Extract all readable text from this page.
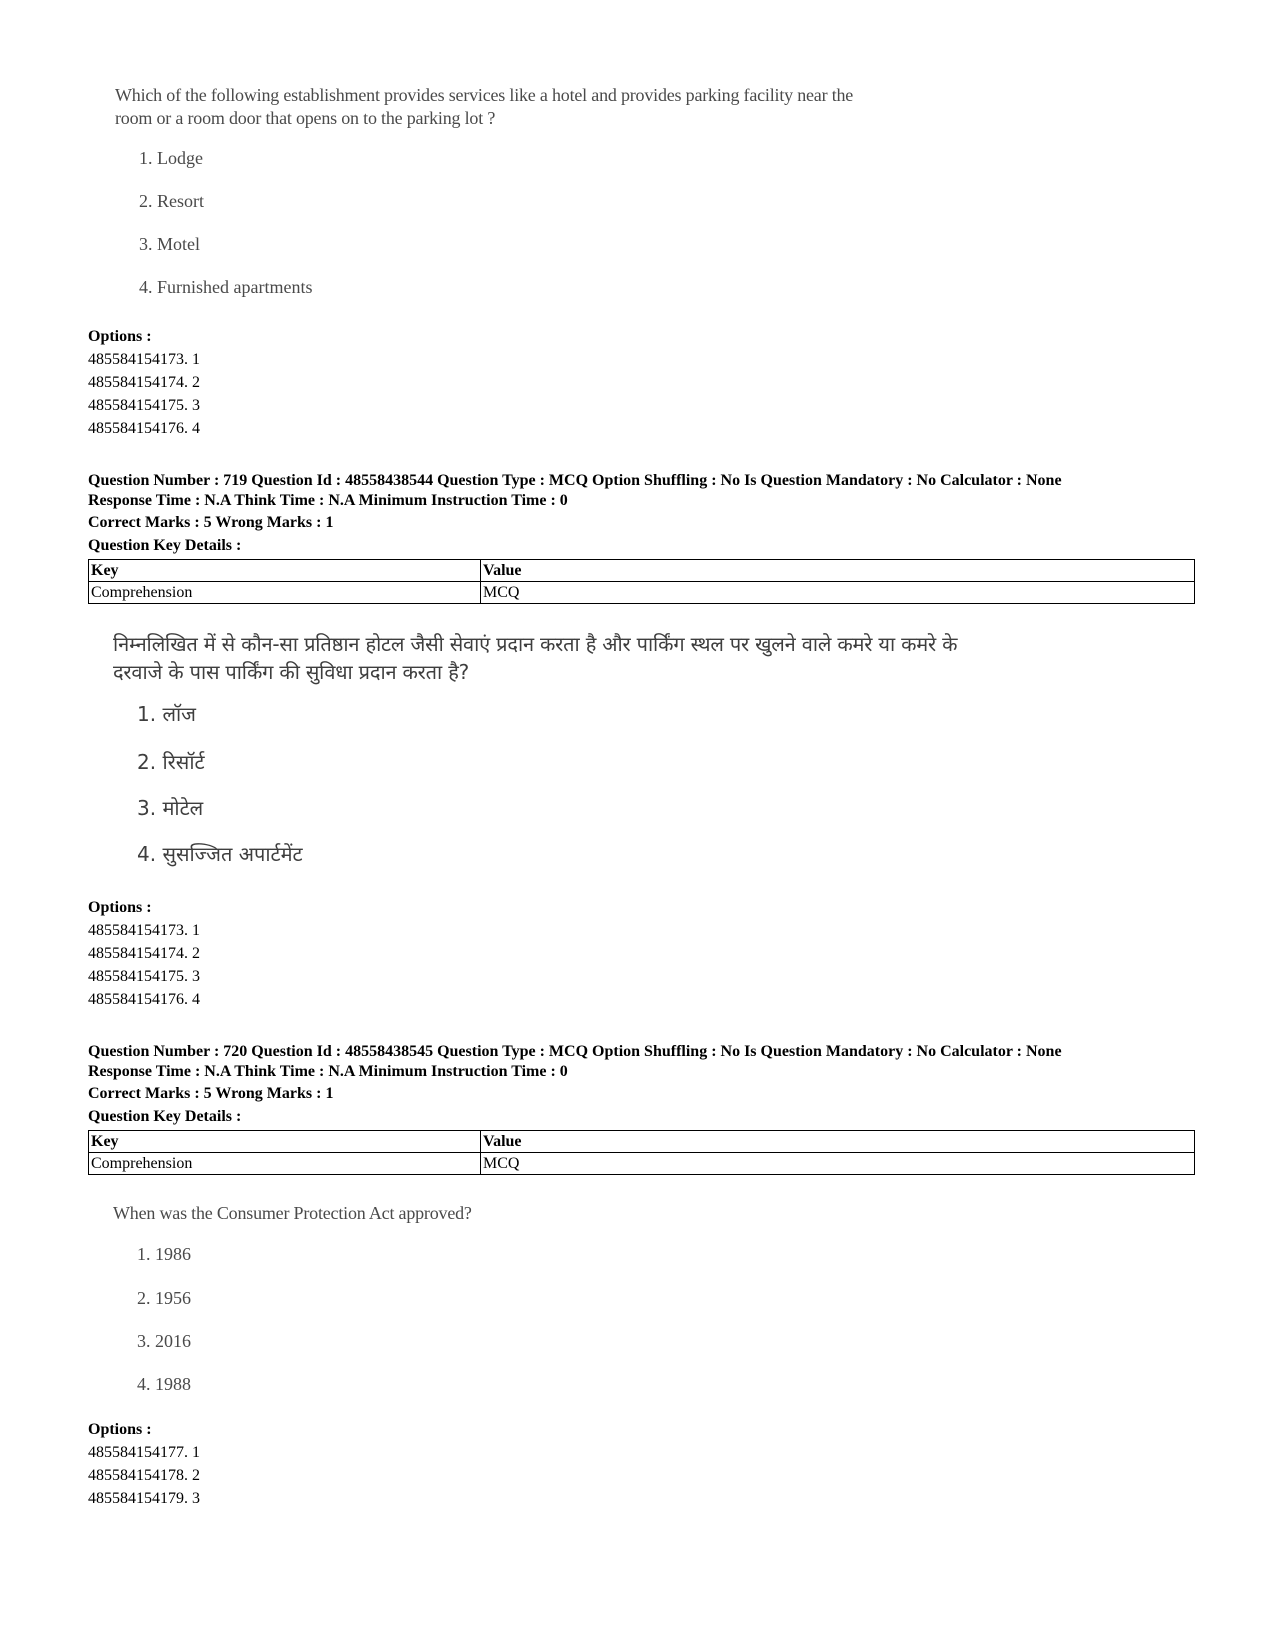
Which of the following establishment provides services like a hotel and provides parking facility near the
room or a room door that opens on to the parking lot ?
1. Lodge
2. Resort
3. Motel
4. Furnished apartments
Options :
485584154173. 1
485584154174. 2
485584154175. 3
485584154176. 4
Question Number : 719 Question Id : 48558438544 Question Type : MCQ Option Shuffling : No Is Question Mandatory : No Calculator : None
Response Time : N.A Think Time : N.A Minimum Instruction Time : 0
Correct Marks : 5 Wrong Marks : 1
Question Key Details :
Key	Value
Comprehension	MCQ
निम्नलिखित में से कौन-सा प्रतिष्ठान होटल जैसी सेवाएं प्रदान करता है और पार्किंग स्थल पर खुलने वाले कमरे या कमरे के
दरवाजे के पास पार्किंग की सुविधा प्रदान करता है?
1. लॉज
2. रिसॉर्ट
3. मोटेल
4. सुसज्जित अपार्टमेंट
Options :
485584154173. 1
485584154174. 2
485584154175. 3
485584154176. 4
Question Number : 720 Question Id : 48558438545 Question Type : MCQ Option Shuffling : No Is Question Mandatory : No Calculator : None
Response Time : N.A Think Time : N.A Minimum Instruction Time : 0
Correct Marks : 5 Wrong Marks : 1
Question Key Details :
Key	Value
Comprehension	MCQ
When was the Consumer Protection Act approved?
1. 1986
2. 1956
3. 2016
4. 1988
Options :
485584154177. 1
485584154178. 2
485584154179. 3
